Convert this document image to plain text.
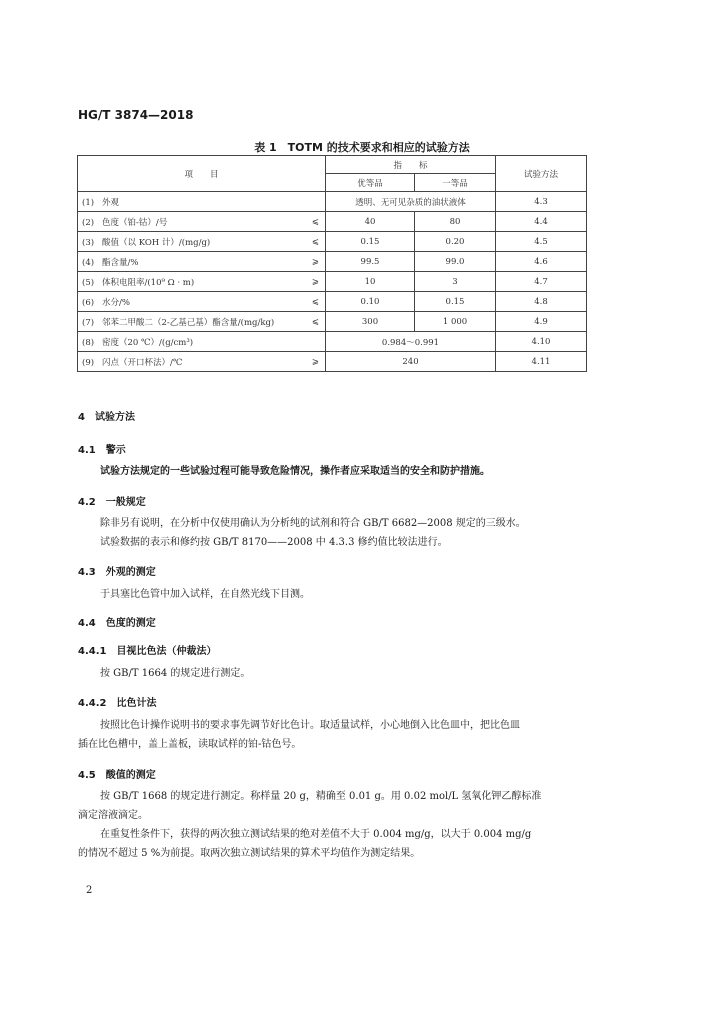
HG/T 3874—2018
表 1　TOTM 的技术要求和相应的试验方法
项　　目		指　　标		试验方法
		优等品	一等品	
(1) 外观		透明、无可见杂质的油状液体		4.3
(2) 色度（铂-钴）/号	⩽	40	80	4.4
(3) 酸值（以 KOH 计）/(mg/g)	⩽	0.15	0.20	4.5
(4) 酯含量/%	⩾	99.5	99.0	4.6
(5) 体积电阻率/(10⁹ Ω · m)	⩾	10	3	4.7
(6) 水分/%	⩽	0.10	0.15	4.8
(7) 邻苯二甲酸二（2-乙基己基）酯含量/(mg/kg)	⩽	300	1 000	4.9
(8) 密度（20 ℃）/(g/cm³)		0.984～0.991		4.10
(9) 闪点（开口杯法）/℃	⩾	240		4.11
4 试验方法
4.1 警示
试验方法规定的一些试验过程可能导致危险情况，操作者应采取适当的安全和防护措施。
4.2 一般规定
除非另有说明，在分析中仅使用确认为分析纯的试剂和符合 GB/T 6682—2008 规定的三级水。
试验数据的表示和修约按 GB/T 8170——2008 中 4.3.3 修约值比较法进行。
4.3 外观的测定
于具塞比色管中加入试样，在自然光线下目测。
4.4 色度的测定
4.4.1 目视比色法（仲裁法）
按 GB/T 1664 的规定进行测定。
4.4.2 比色计法
按照比色计操作说明书的要求事先调节好比色计。取适量试样，小心地倒入比色皿中，把比色皿
插在比色槽中，盖上盖板，读取试样的铂-钴色号。
4.5 酸值的测定
按 GB/T 1668 的规定进行测定。称样量 20 g，精确至 0.01 g。用 0.02 mol/L 氢氧化钾乙醇标准
滴定溶液滴定。
在重复性条件下，获得的两次独立测试结果的绝对差值不大于 0.004 mg/g，以大于 0.004 mg/g
的情况不超过 5 %为前提。取两次独立测试结果的算术平均值作为测定结果。
2
